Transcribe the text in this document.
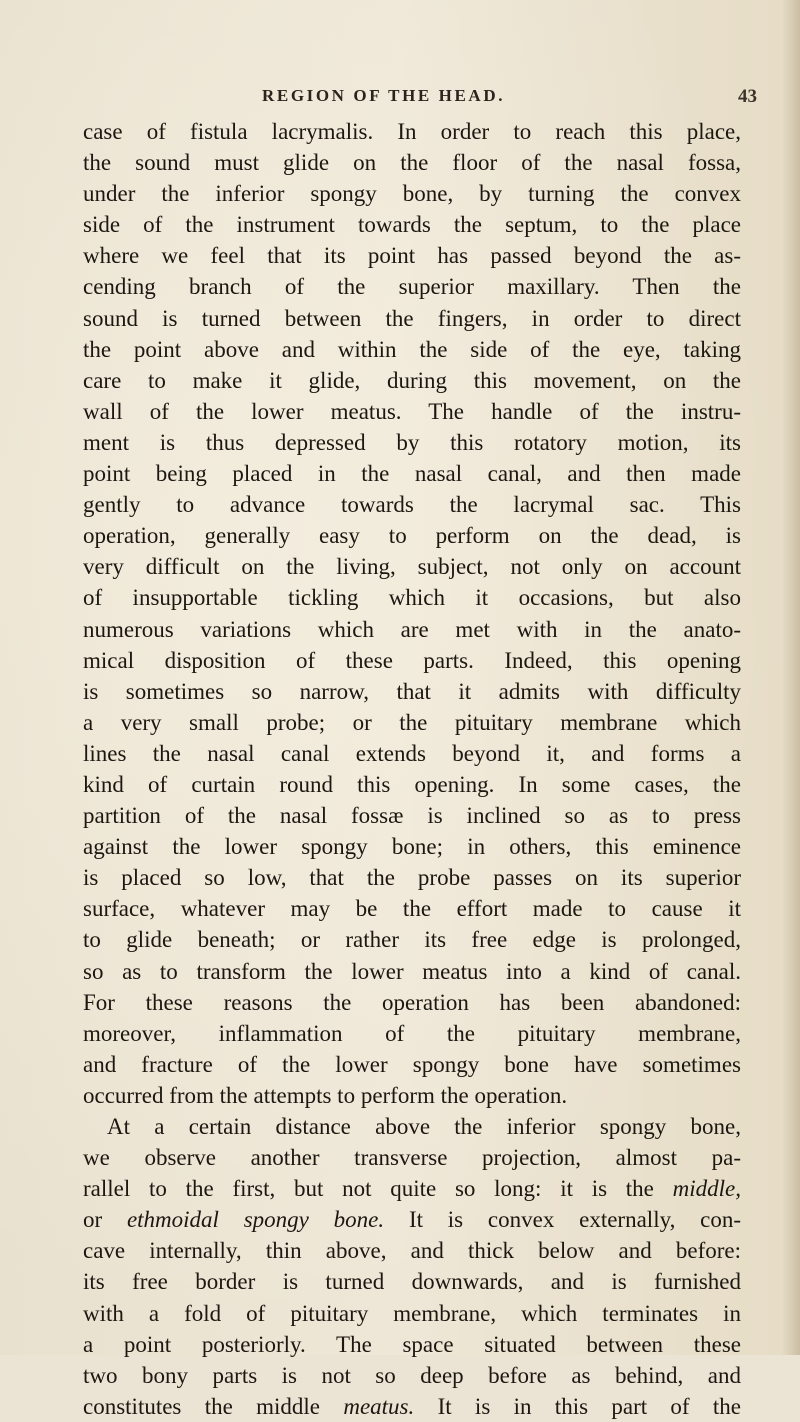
REGION OF THE HEAD.	43
case of fistula lacrymalis. In order to reach this place,
the sound must glide on the floor of the nasal fossa,
under the inferior spongy bone, by turning the convex
side of the instrument towards the septum, to the place
where we feel that its point has passed beyond the as-
cending branch of the superior maxillary. Then the
sound is turned between the fingers, in order to direct
the point above and within the side of the eye, taking
care to make it glide, during this movement, on the
wall of the lower meatus. The handle of the instru-
ment is thus depressed by this rotatory motion, its
point being placed in the nasal canal, and then made
gently to advance towards the lacrymal sac. This
operation, generally easy to perform on the dead, is
very difficult on the living, subject, not only on account
of insupportable tickling which it occasions, but also
numerous variations which are met with in the anato-
mical disposition of these parts. Indeed, this opening
is sometimes so narrow, that it admits with difficulty
a very small probe; or the pituitary membrane which
lines the nasal canal extends beyond it, and forms a
kind of curtain round this opening. In some cases, the
partition of the nasal fossæ is inclined so as to press
against the lower spongy bone; in others, this eminence
is placed so low, that the probe passes on its superior
surface, whatever may be the effort made to cause it
to glide beneath; or rather its free edge is prolonged,
so as to transform the lower meatus into a kind of canal.
For these reasons the operation has been abandoned:
moreover, inflammation of the pituitary membrane,
and fracture of the lower spongy bone have sometimes
occurred from the attempts to perform the operation.
At a certain distance above the inferior spongy bone,
we observe another transverse projection, almost pa-
rallel to the first, but not quite so long: it is the middle,
or ethmoidal spongy bone. It is convex externally, con-
cave internally, thin above, and thick below and before:
its free border is turned downwards, and is furnished
with a fold of pituitary membrane, which terminates in
a point posteriorly. The space situated between these
two bony parts is not so deep before as behind, and
constitutes the middle meatus. It is in this part of the
